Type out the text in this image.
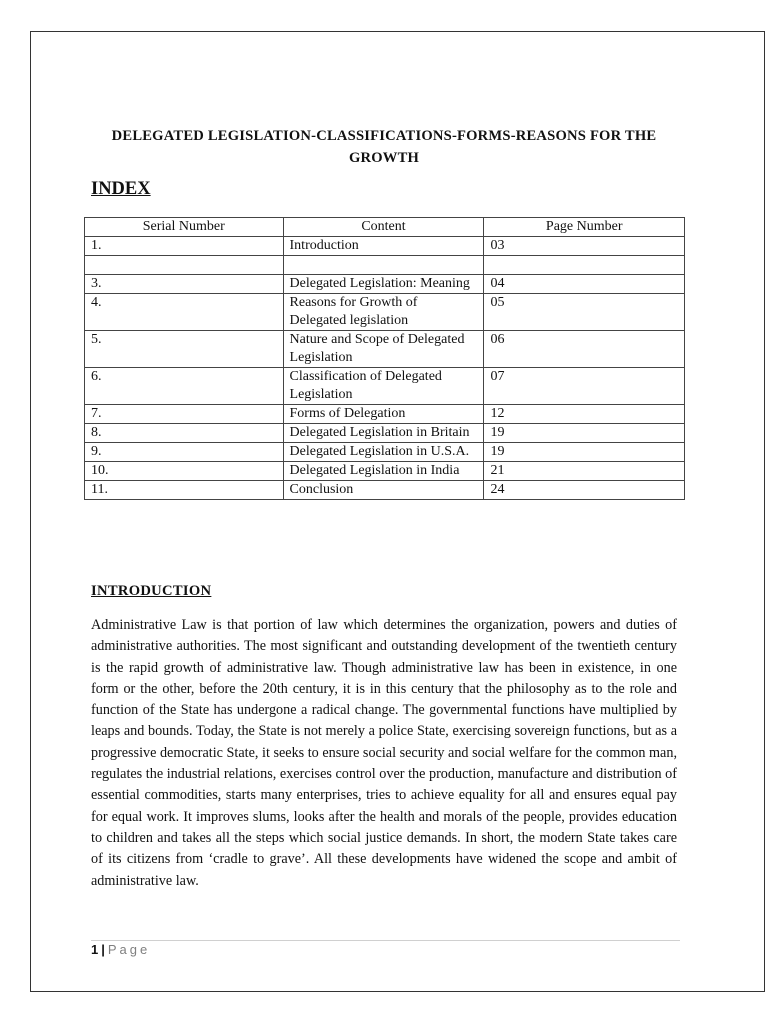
DELEGATED LEGISLATION-CLASSIFICATIONS-FORMS-REASONS FOR THE GROWTH
INDEX
Serial Number	Content	Page Number
1.	Introduction	03

3.	Delegated Legislation: Meaning	04
4.	Reasons for Growth of Delegated legislation	05
5.	Nature and Scope of Delegated Legislation	06
6.	Classification of Delegated Legislation	07
7.	Forms of Delegation	12
8.	Delegated Legislation in Britain	19
9.	Delegated Legislation in U.S.A.	19
10.	Delegated Legislation in India	21
11.	Conclusion	24
INTRODUCTION
Administrative Law is that portion of law which determines the organization, powers and duties of administrative authorities. The most significant and outstanding development of the twentieth century is the rapid growth of administrative law. Though administrative law has been in existence, in one form or the other, before the 20th century, it is in this century that the philosophy as to the role and function of the State has undergone a radical change. The governmental functions have multiplied by leaps and bounds. Today, the State is not merely a police State, exercising sovereign functions, but as a progressive democratic State, it seeks to ensure social security and social welfare for the common man, regulates the industrial relations, exercises control over the production, manufacture and distribution of essential commodities, starts many enterprises, tries to achieve equality for all and ensures equal pay for equal work. It improves slums, looks after the health and morals of the people, provides education to children and takes all the steps which social justice demands. In short, the modern State takes care of its citizens from ‘cradle to grave’. All these developments have widened the scope and ambit of administrative law.
1 | Page
